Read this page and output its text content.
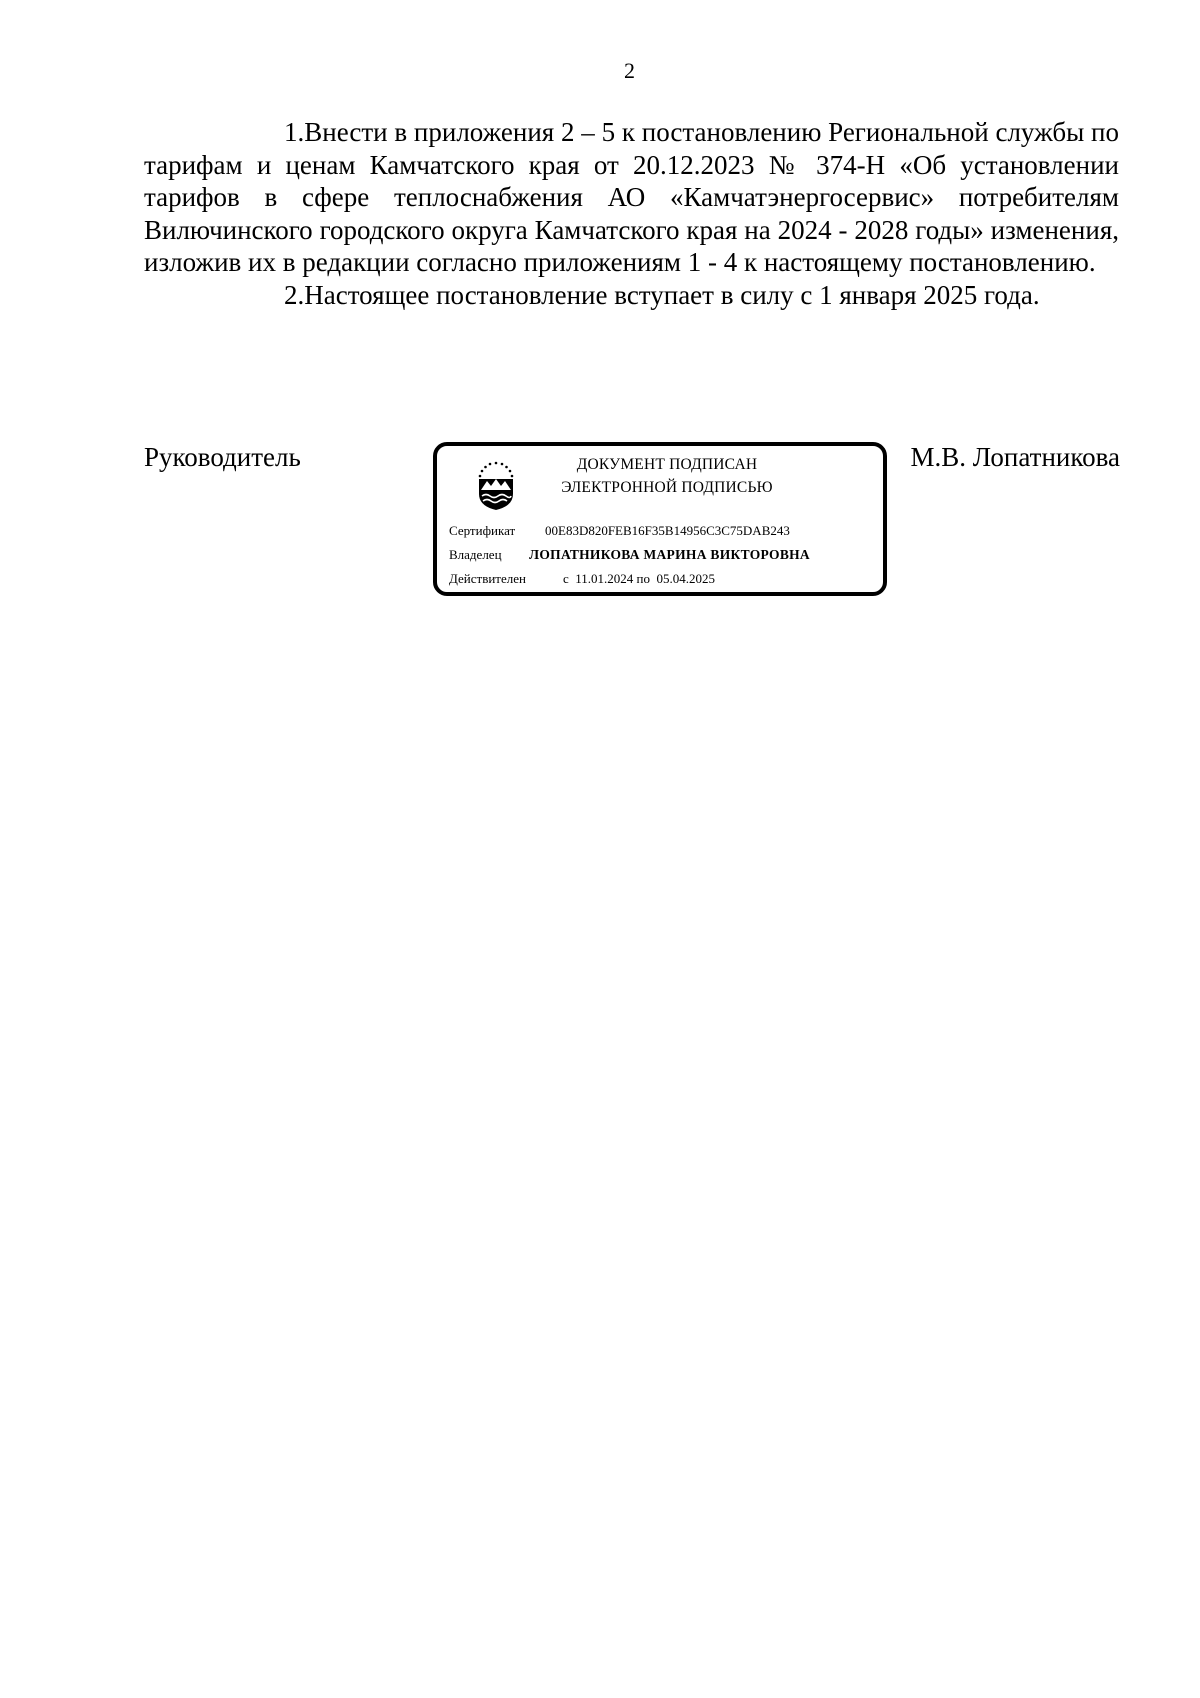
2

1.Внести в приложения 2 – 5 к постановлению Региональной службы по тарифам и ценам Камчатского края от 20.12.2023 № 374-Н «Об установлении тарифов в сфере теплоснабжения АО «Камчатэнергосервис» потребителям Вилючинского городского округа Камчатского края на 2024 - 2028 годы» изменения, изложив их в редакции согласно приложениям 1 - 4 к настоящему постановлению.

2.Настоящее постановление вступает в силу с 1 января 2025 года.

Руководитель	ДОКУМЕНТ ПОДПИСАН
ЭЛЕКТРОННОЙ ПОДПИСЬЮ
Сертификат 00E83D820FEB16F35B14956C3C75DAB243
Владелец ЛОПАТНИКОВА МАРИНА ВИКТОРОВНА
Действителен	с  11.01.2024 по  05.04.2025
М.В. Лопатникова
